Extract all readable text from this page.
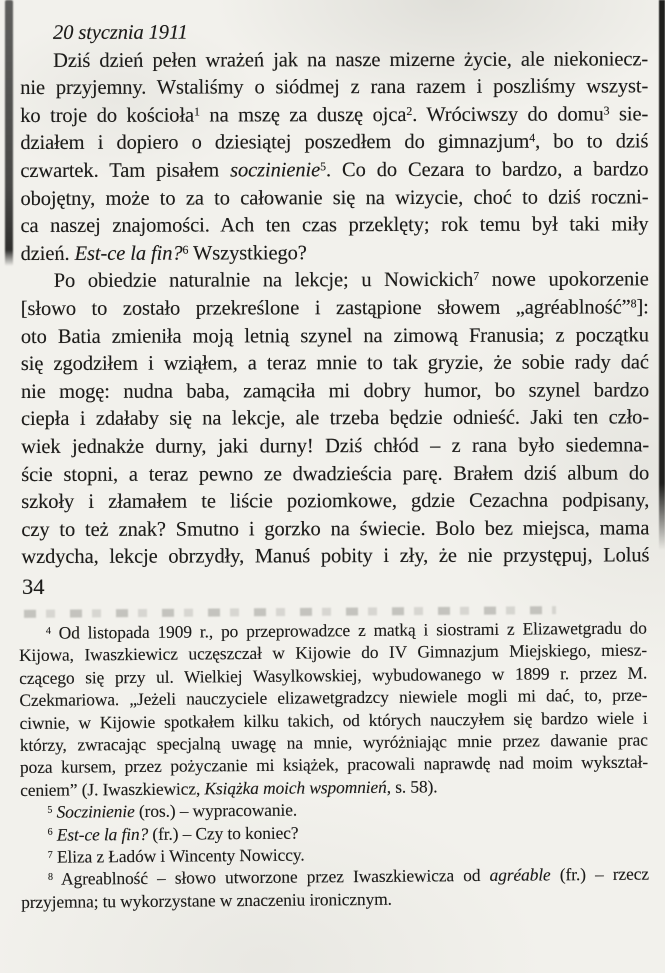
20 stycznia 1911
Dziś dzień pełen wrażeń jak na nasze mizerne życie, ale niekoniecz-
nie przyjemny. Wstaliśmy o siódmej z rana razem i poszliśmy wszyst-
ko troje do kościoła$^1$ na mszę za duszę ojca$^2$. Wróciwszy do domu$^3$ sie-
działem i dopiero o dziesiątej poszedłem do gimnazjum$^4$, bo to dziś
czwartek. Tam pisałem soczinienie$^5$. Co do Cezara to bardzo, a bardzo
obojętny, może to za to całowanie się na wizycie, choć to dziś roczni-
ca naszej znajomości. Ach ten czas przeklęty; rok temu był taki miły
dzień. Est-ce la fin?$^6$ Wszystkiego?
Po obiedzie naturalnie na lekcje; u Nowickich$^7$ nowe upokorzenie
[słowo to zostało przekreślone i zastąpione słowem „agréablność”$^8$]:
oto Batia zmieniła moją letnią szynel na zimową Franusia; z początku
się zgodziłem i wziąłem, a teraz mnie to tak gryzie, że sobie rady dać
nie mogę: nudna baba, zamąciła mi dobry humor, bo szynel bardzo
ciepła i zdałaby się na lekcje, ale trzeba będzie odnieść. Jaki ten czło-
wiek jednakże durny, jaki durny! Dziś chłód – z rana było siedemna-
ście stopni, a teraz pewno ze dwadzieścia parę. Brałem dziś album do
szkoły i złamałem te liście poziomkowe, gdzie Cezachna podpisany,
czy to też znak? Smutno i gorzko na świecie. Bolo bez miejsca, mama
wzdycha, lekcje obrzydły, Manuś pobity i zły, że nie przystępuj, Loluś
34
$^4$ Od listopada 1909 r., po przeprowadzce z matką i siostrami z Elizawetgradu do
Kijowa, Iwaszkiewicz uczęszczał w Kijowie do IV Gimnazjum Miejskiego, miesz-
czącego się przy ul. Wielkiej Wasylkowskiej, wybudowanego w 1899 r. przez M.
Czekmariowa. „Jeżeli nauczyciele elizawetgradzcy niewiele mogli mi dać, to, prze-
ciwnie, w Kijowie spotkałem kilku takich, od których nauczyłem się bardzo wiele i
którzy, zwracając specjalną uwagę na mnie, wyróżniając mnie przez dawanie prac
poza kursem, przez pożyczanie mi książek, pracowali naprawdę nad moim wykształ-
ceniem” (J. Iwaszkiewicz, Książka moich wspomnień, s. 58).
$^5$ Soczinienie (ros.) – wypracowanie.
$^6$ Est-ce la fin? (fr.) – Czy to koniec?
$^7$ Eliza z Ładów i Wincenty Nowiccy.
$^8$ Agreablność – słowo utworzone przez Iwaszkiewicza od agréable (fr.) – rzecz
przyjemna; tu wykorzystane w znaczeniu ironicznym.
